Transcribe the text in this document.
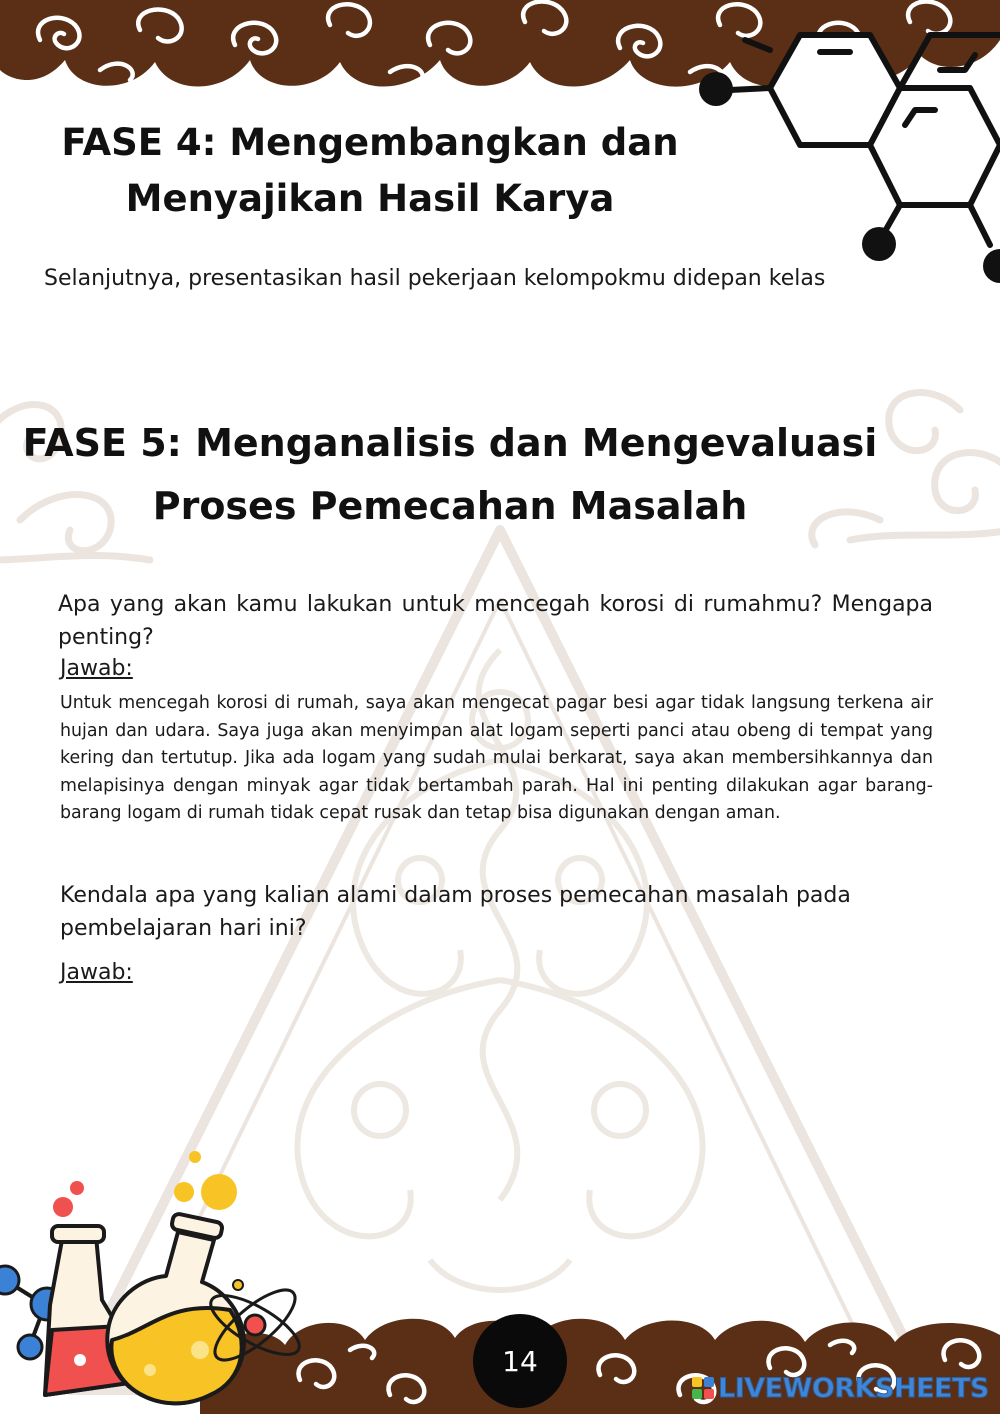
FASE 4: Mengembangkan dan
Menyajikan Hasil Karya

Selanjutnya, presentasikan hasil pekerjaan kelompokmu didepan kelas

FASE 5: Menganalisis dan Mengevaluasi
Proses Pemecahan Masalah

Apa yang akan kamu lakukan untuk mencegah korosi di rumahmu? Mengapa penting?

Jawab:
Untuk mencegah korosi di rumah, saya akan mengecat pagar besi agar tidak langsung terkena air hujan dan udara. Saya juga akan menyimpan alat logam seperti panci atau obeng di tempat yang kering dan tertutup. Jika ada logam yang sudah mulai berkarat, saya akan membersihkannya dan melapisinya dengan minyak agar tidak bertambah parah. Hal ini penting dilakukan agar barang-barang logam di rumah tidak cepat rusak dan tetap bisa digunakan dengan aman.

Kendala apa yang kalian alami dalam proses pemecahan masalah pada pembelajaran hari ini?

Jawab:
14
LIVEWORKSHEETS
